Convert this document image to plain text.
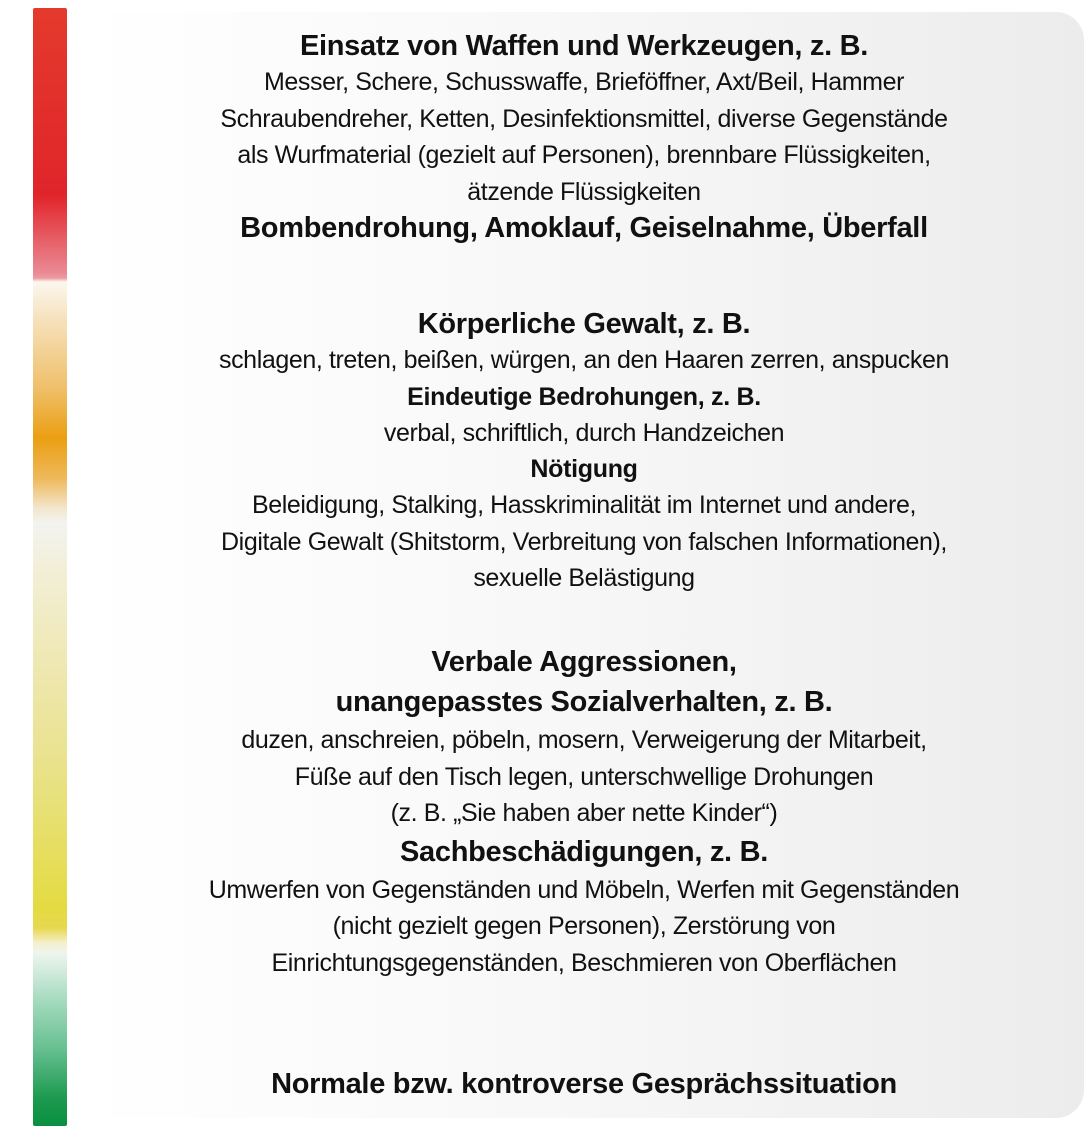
Einsatz von Waffen und Werkzeugen, z. B.
Messer, Schere, Schusswaffe, Brieföffner, Axt/Beil, Hammer
Schraubendreher, Ketten, Desinfektionsmittel, diverse Gegenstände
als Wurfmaterial (gezielt auf Personen), brennbare Flüssigkeiten,
ätzende Flüssigkeiten
Bombendrohung, Amoklauf, Geiselnahme, Überfall
Körperliche Gewalt, z. B.
schlagen, treten, beißen, würgen, an den Haaren zerren, anspucken
Eindeutige Bedrohungen, z. B.
verbal, schriftlich, durch Handzeichen
Nötigung
Beleidigung, Stalking, Hasskriminalität im Internet und andere,
Digitale Gewalt (Shitstorm, Verbreitung von falschen Informationen),
sexuelle Belästigung
Verbale Aggressionen,
unangepasstes Sozialverhalten, z. B.
duzen, anschreien, pöbeln, mosern, Verweigerung der Mitarbeit,
Füße auf den Tisch legen, unterschwellige Drohungen
(z. B. „Sie haben aber nette Kinder“)
Sachbeschädigungen, z. B.
Umwerfen von Gegenständen und Möbeln, Werfen mit Gegenständen
(nicht gezielt gegen Personen), Zerstörung von
Einrichtungsgegenständen, Beschmieren von Oberflächen
Normale bzw. kontroverse Gesprächssituation
